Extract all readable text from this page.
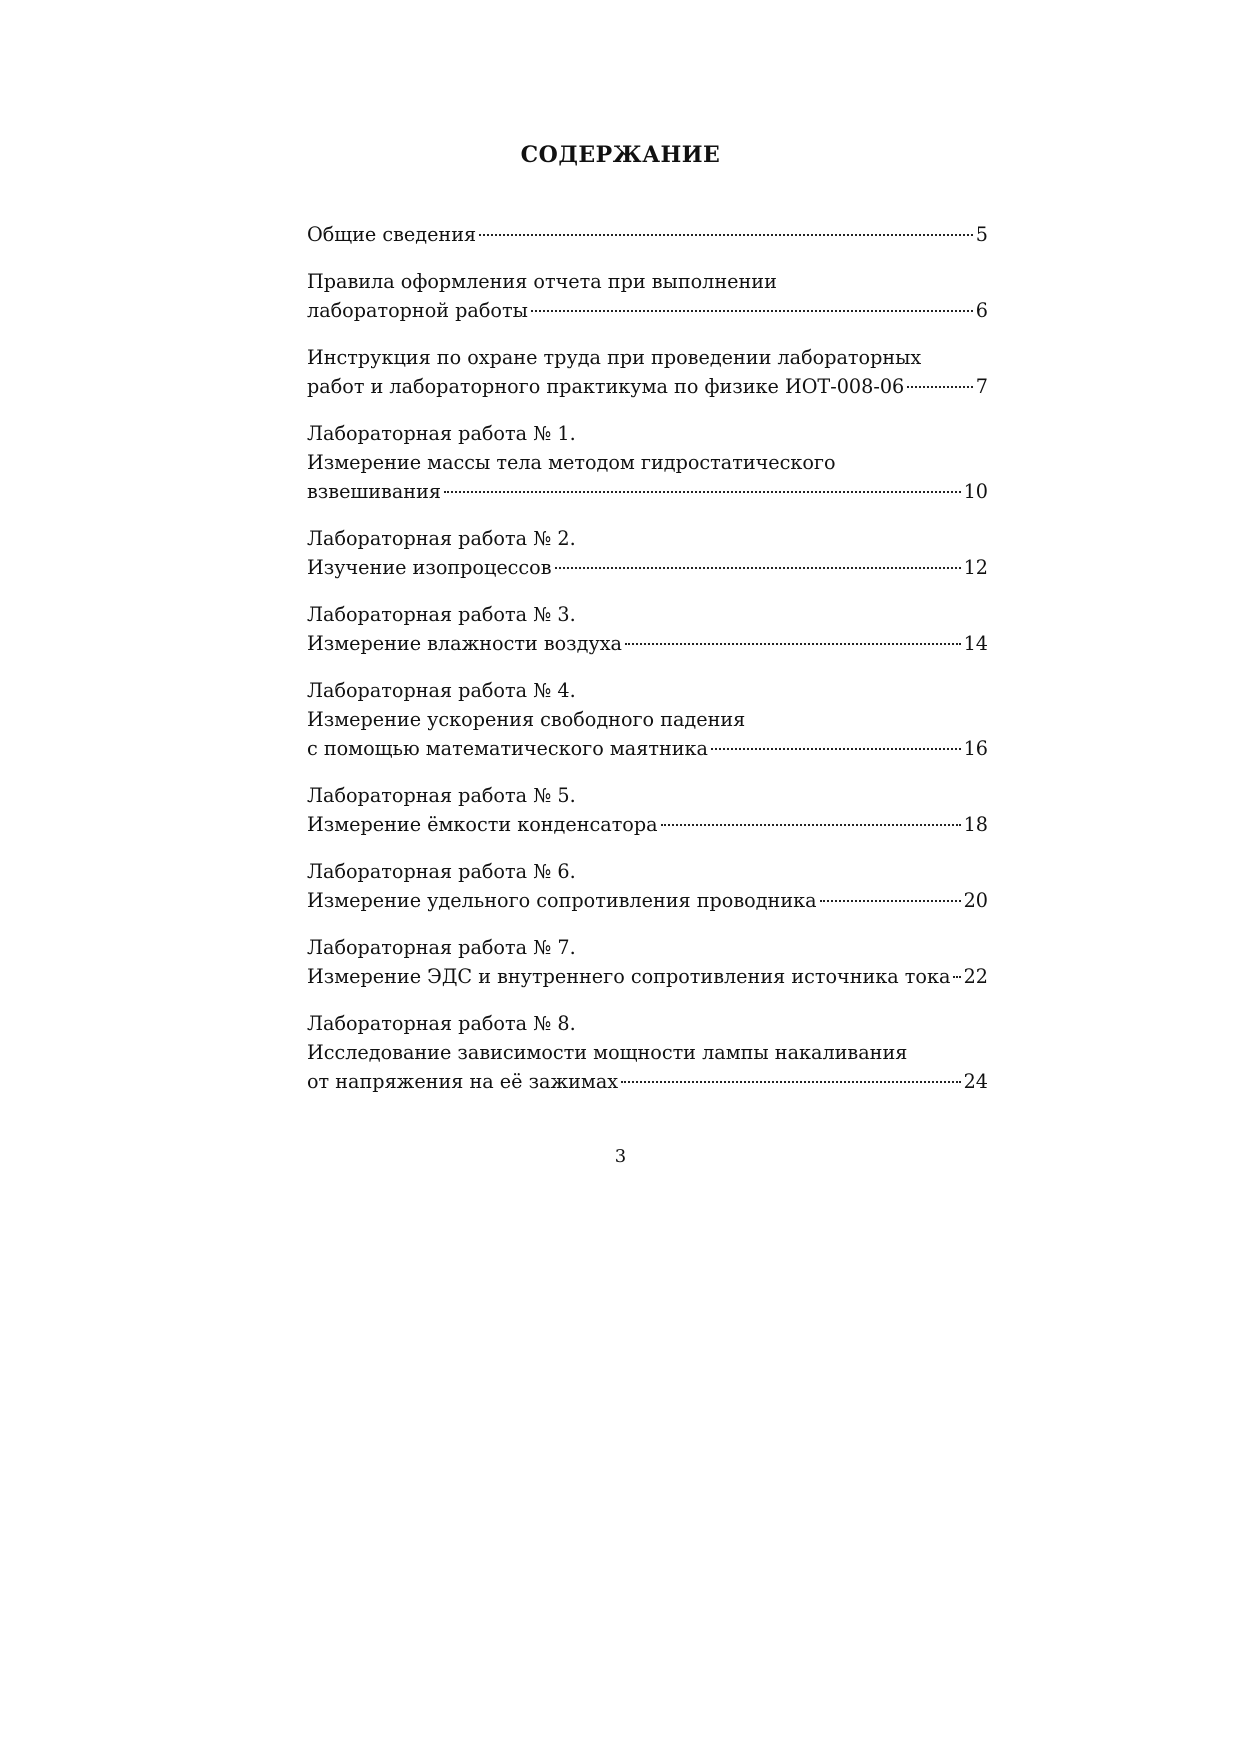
СОДЕРЖАНИЕ
Общие сведения	5
Правила оформления отчета при выполнении
лабораторной работы	6
Инструкция по охране труда при проведении лабораторных
работ и лабораторного практикума по физике ИОТ-008-06	7
Лабораторная работа № 1.
Измерение массы тела методом гидростатического
взвешивания	10
Лабораторная работа № 2.
Изучение изопроцессов	12
Лабораторная работа № 3.
Измерение влажности воздуха	14
Лабораторная работа № 4.
Измерение ускорения свободного падения
с помощью математического маятника	16
Лабораторная работа № 5.
Измерение ёмкости конденсатора	18
Лабораторная работа № 6.
Измерение удельного сопротивления проводника	20
Лабораторная работа № 7.
Измерение ЭДС и внутреннего сопротивления источника тока 22
Лабораторная работа № 8.
Исследование зависимости мощности лампы накаливания
от напряжения на её зажимах	24
3
